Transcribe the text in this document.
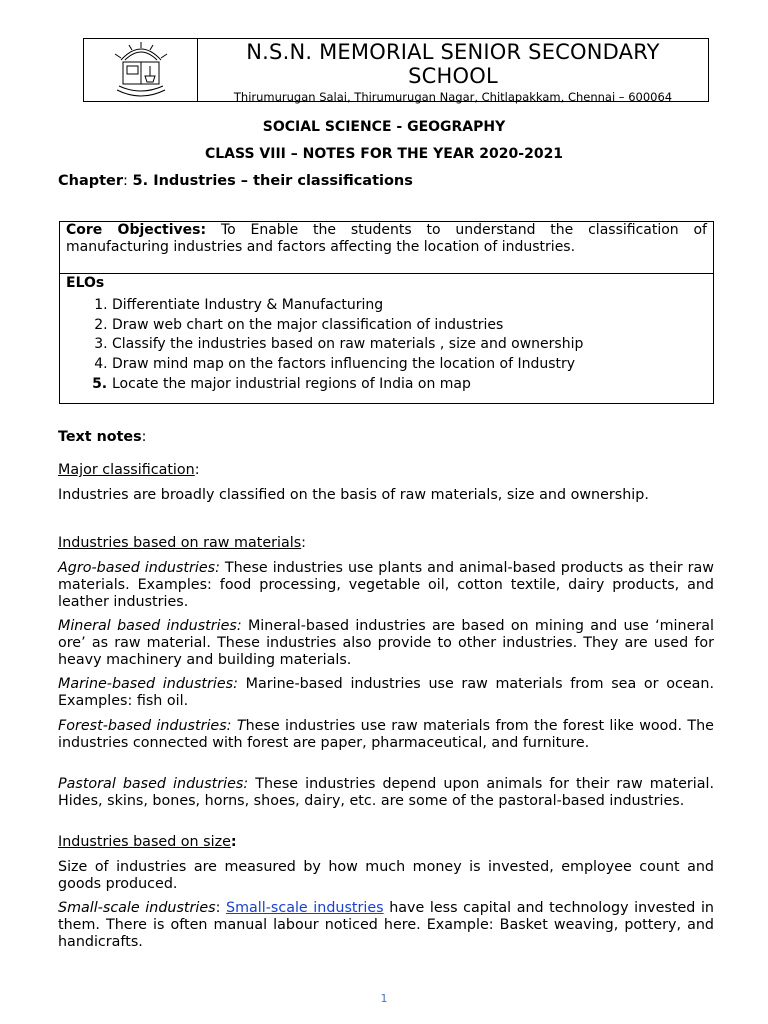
N.S.N. MEMORIAL SENIOR SECONDARY SCHOOL
Thirumurugan Salai, Thirumurugan Nagar, Chitlapakkam, Chennai – 600064
SOCIAL SCIENCE - GEOGRAPHY
CLASS VIII – NOTES FOR THE YEAR 2020-2021
Chapter: 5. Industries – their classifications
Core Objectives: To Enable the students to understand the classification of manufacturing industries and factors affecting the location of industries.
ELOs
1. Differentiate Industry & Manufacturing
2. Draw web chart on the major classification of industries
3. Classify the industries based on raw materials , size and ownership
4. Draw mind map on the factors influencing the location of Industry
5. Locate the major industrial regions of India on map
Text notes:
Major classification:
Industries are broadly classified on the basis of raw materials, size and ownership.
Industries based on raw materials:
Agro-based industries: These industries use plants and animal-based products as their raw materials. Examples: food processing, vegetable oil, cotton textile, dairy products, and leather industries.
Mineral based industries: Mineral-based industries are based on mining and use ‘mineral ore’ as raw material. These industries also provide to other industries. They are used for heavy machinery and building materials.
Marine-based industries: Marine-based industries use raw materials from sea or ocean. Examples: fish oil.
Forest-based industries: These industries use raw materials from the forest like wood. The industries connected with forest are paper, pharmaceutical, and furniture.
Pastoral based industries: These industries depend upon animals for their raw material. Hides, skins, bones, horns, shoes, dairy, etc. are some of the pastoral-based industries.
Industries based on size:
Size of industries are measured by how much money is invested, employee count and goods produced.
Small-scale industries: Small-scale industries have less capital and technology invested in them. There is often manual labour noticed here. Example: Basket weaving, pottery, and handicrafts.
1
